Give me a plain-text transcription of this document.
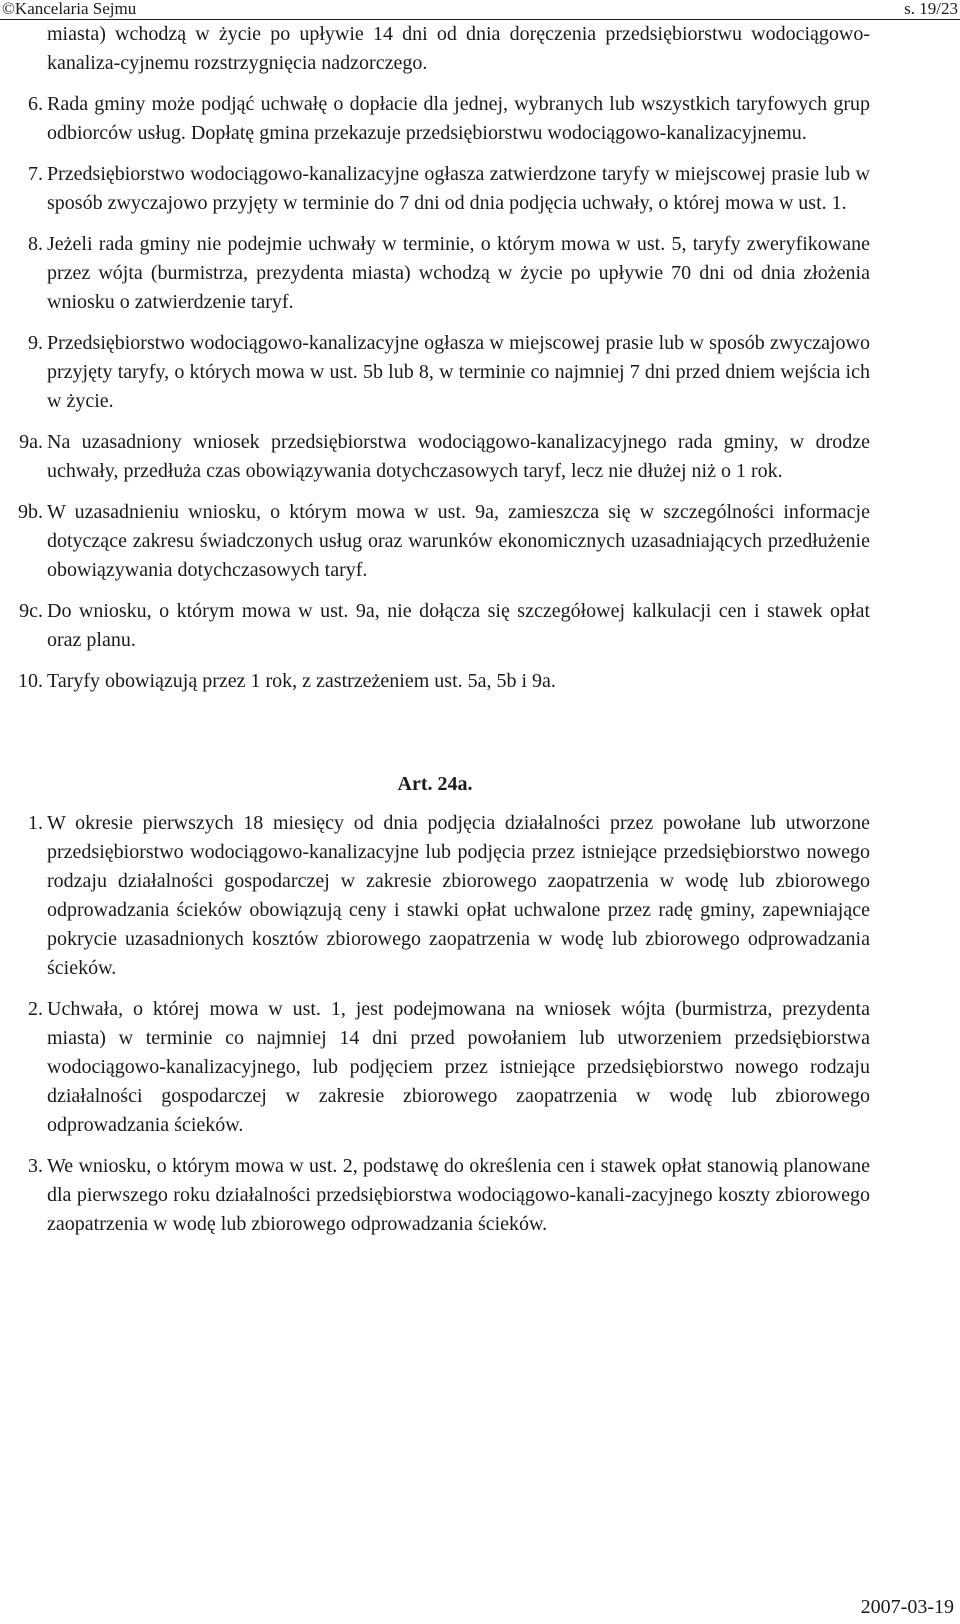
©Kancelaria Sejmu	s. 19/23
miasta) wchodzą w życie po upływie 14 dni od dnia doręczenia przedsiębiorstwu wodociągowo-kanaliza-cyjnemu rozstrzygnięcia nadzorczego.
6. Rada gminy może podjąć uchwałę o dopłacie dla jednej, wybranych lub wszystkich taryfowych grup odbiorców usług. Dopłatę gmina przekazuje przedsiębiorstwu wodociągowo-kanalizacyjnemu.
7. Przedsiębiorstwo wodociągowo-kanalizacyjne ogłasza zatwierdzone taryfy w miejscowej prasie lub w sposób zwyczajowo przyjęty w terminie do 7 dni od dnia podjęcia uchwały, o której mowa w ust. 1.
8. Jeżeli rada gminy nie podejmie uchwały w terminie, o którym mowa w ust. 5, taryfy zweryfikowane przez wójta (burmistrza, prezydenta miasta) wchodzą w życie po upływie 70 dni od dnia złożenia wniosku o zatwierdzenie taryf.
9. Przedsiębiorstwo wodociągowo-kanalizacyjne ogłasza w miejscowej prasie lub w sposób zwyczajowo przyjęty taryfy, o których mowa w ust. 5b lub 8, w terminie co najmniej 7 dni przed dniem wejścia ich w życie.
9a. Na uzasadniony wniosek przedsiębiorstwa wodociągowo-kanalizacyjnego rada gminy, w drodze uchwały, przedłuża czas obowiązywania dotychczasowych taryf, lecz nie dłużej niż o 1 rok.
9b. W uzasadnieniu wniosku, o którym mowa w ust. 9a, zamieszcza się w szczególności informacje dotyczące zakresu świadczonych usług oraz warunków ekonomicznych uzasadniających przedłużenie obowiązywania dotychczasowych taryf.
9c. Do wniosku, o którym mowa w ust. 9a, nie dołącza się szczegółowej kalkulacji cen i stawek opłat oraz planu.
10. Taryfy obowiązują przez 1 rok, z zastrzeżeniem ust. 5a, 5b i 9a.
Art. 24a.
1. W okresie pierwszych 18 miesięcy od dnia podjęcia działalności przez powołane lub utworzone przedsiębiorstwo wodociągowo-kanalizacyjne lub podjęcia przez istniejące przedsiębiorstwo nowego rodzaju działalności gospodarczej w zakresie zbiorowego zaopatrzenia w wodę lub zbiorowego odprowadzania ścieków obowiązują ceny i stawki opłat uchwalone przez radę gminy, zapewniające pokrycie uzasadnionych kosztów zbiorowego zaopatrzenia w wodę lub zbiorowego odprowadzania ścieków.
2. Uchwała, o której mowa w ust. 1, jest podejmowana na wniosek wójta (burmistrza, prezydenta miasta) w terminie co najmniej 14 dni przed powołaniem lub utworzeniem przedsiębiorstwa wodociągowo-kanalizacyjnego, lub podjęciem przez istniejące przedsiębiorstwo nowego rodzaju działalności gospodarczej w zakresie zbiorowego zaopatrzenia w wodę lub zbiorowego odprowadzania ścieków.
3. We wniosku, o którym mowa w ust. 2, podstawę do określenia cen i stawek opłat stanowią planowane dla pierwszego roku działalności przedsiębiorstwa wodociągowo-kanali-zacyjnego koszty zbiorowego zaopatrzenia w wodę lub zbiorowego odprowadzania ścieków.
2007-03-19
